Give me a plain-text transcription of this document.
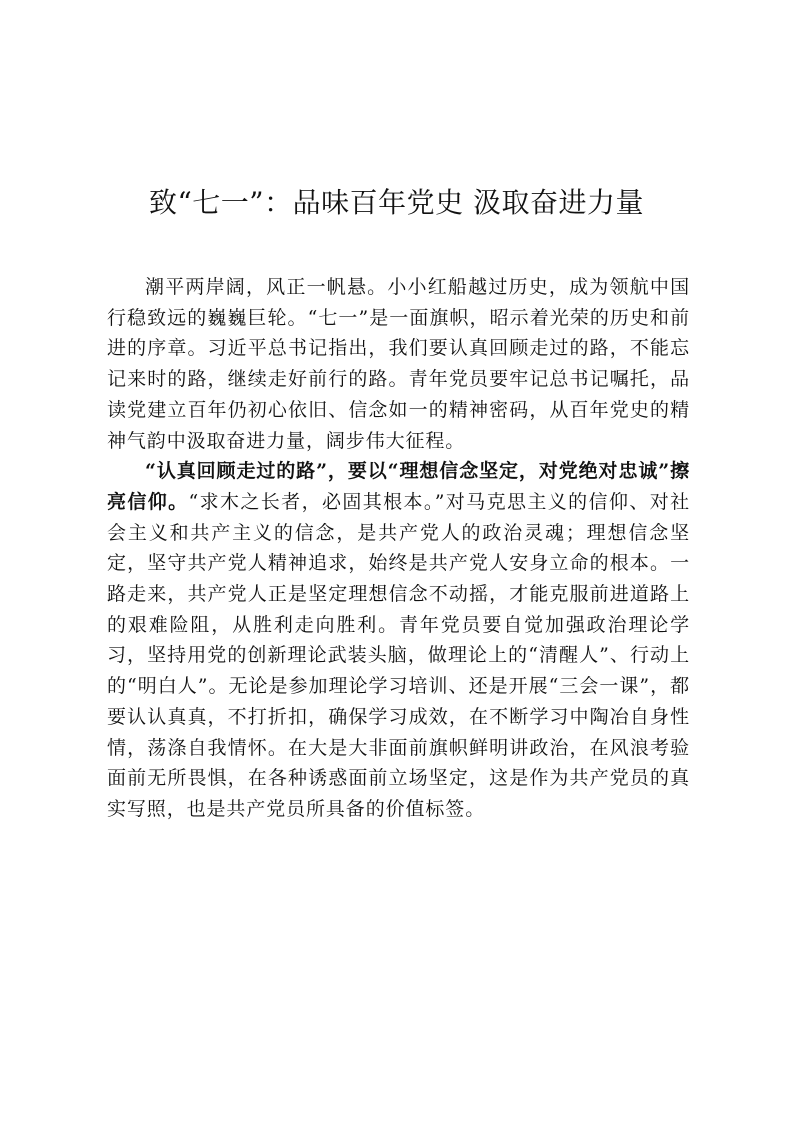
致“七一”：品味百年党史 汲取奋进力量

潮平两岸阔，风正一帆悬。小小红船越过历史，成为领航中国行稳致远的巍巍巨轮。“七一”是一面旗帜，昭示着光荣的历史和前进的序章。习近平总书记指出，我们要认真回顾走过的路，不能忘记来时的路，继续走好前行的路。青年党员要牢记总书记嘱托，品读党建立百年仍初心依旧、信念如一的精神密码，从百年党史的精神气韵中汲取奋进力量，阔步伟大征程。

“认真回顾走过的路”，要以“理想信念坚定，对党绝对忠诚”擦亮信仰。“求木之长者，必固其根本。”对马克思主义的信仰、对社会主义和共产主义的信念，是共产党人的政治灵魂；理想信念坚定，坚守共产党人精神追求，始终是共产党人安身立命的根本。一路走来，共产党人正是坚定理想信念不动摇，才能克服前进道路上的艰难险阻，从胜利走向胜利。青年党员要自觉加强政治理论学习，坚持用党的创新理论武装头脑，做理论上的“清醒人”、行动上的“明白人”。无论是参加理论学习培训、还是开展“三会一课”，都要认认真真，不打折扣，确保学习成效，在不断学习中陶冶自身性情，荡涤自我情怀。在大是大非面前旗帜鲜明讲政治，在风浪考验面前无所畏惧，在各种诱惑面前立场坚定，这是作为共产党员的真实写照，也是共产党员所具备的价值标签。
